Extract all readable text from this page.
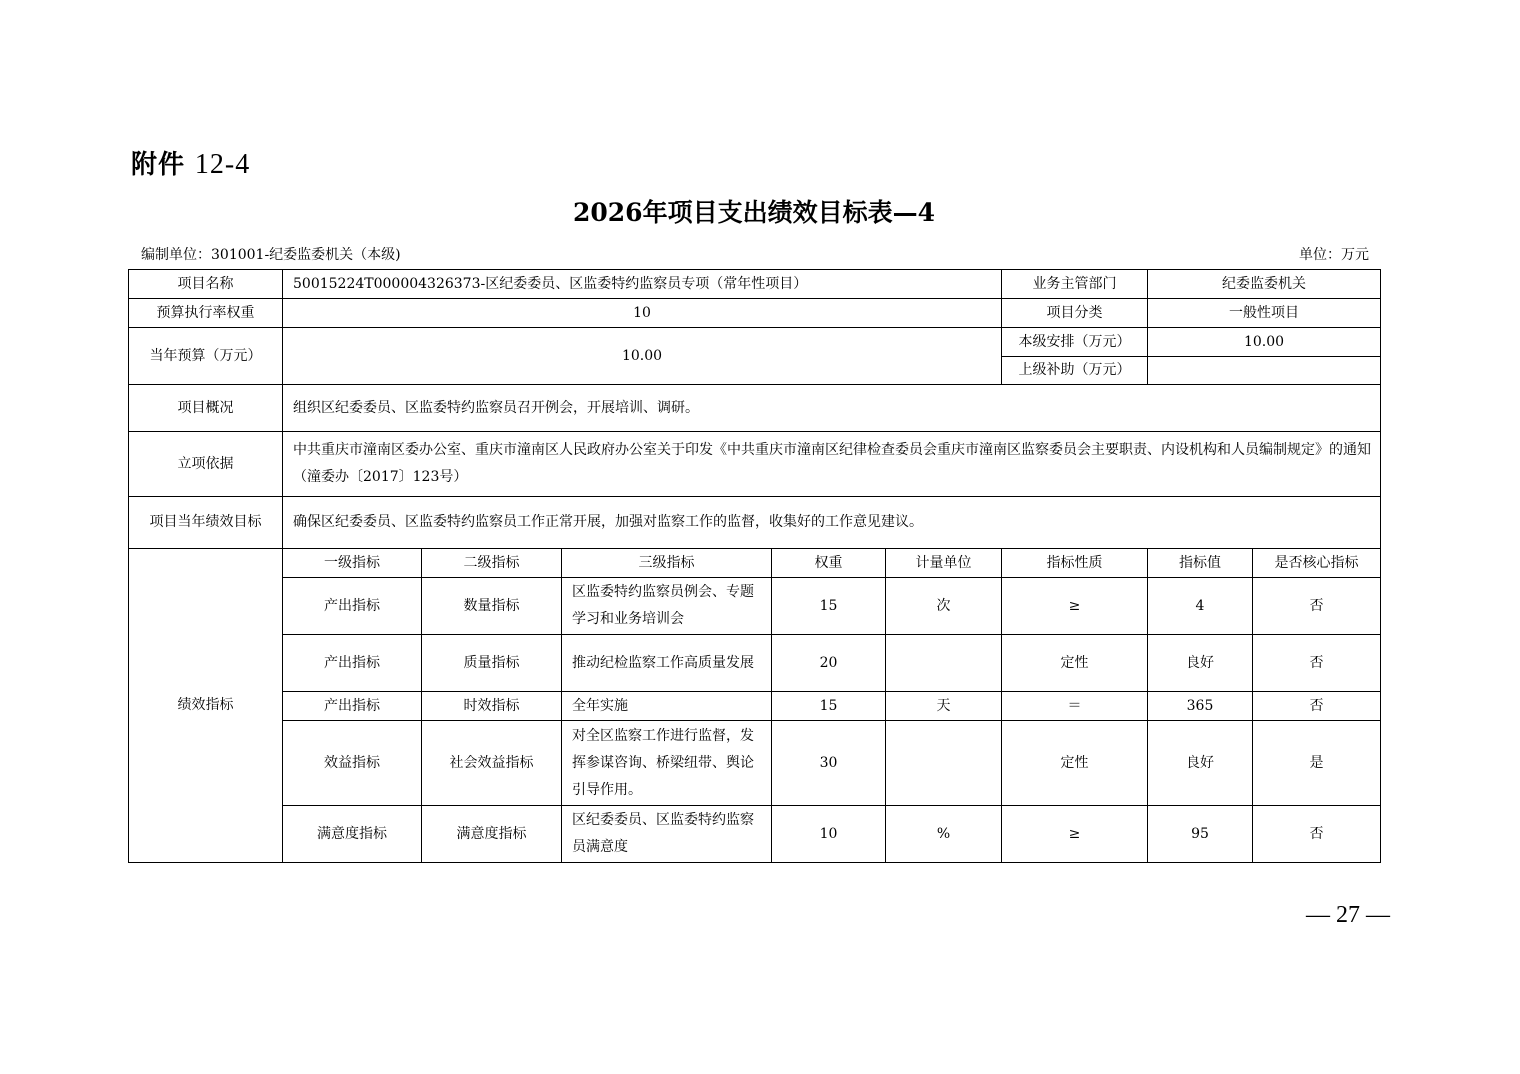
附件 12-4
2026年项目支出绩效目标表—4
编制单位：301001-纪委监委机关（本级)	单位：万元
项目名称	50015224T000004326373-区纪委委员、区监委特约监察员专项（常年性项目）					业务主管部门	纪委监委机关	
预算执行率权重	10					项目分类	一般性项目	
当年预算（万元）	10.00					本级安排（万元）	10.00	
						上级补助（万元）		
项目概况	组织区纪委委员、区监委特约监察员召开例会，开展培训、调研。							
立项依据	中共重庆市潼南区委办公室、重庆市潼南区人民政府办公室关于印发《中共重庆市潼南区纪律检查委员会重庆市潼南区监察委员会主要职责、内设机构和人员编制规定》的通知（潼委办〔2017〕123号）							
项目当年绩效目标	确保区纪委委员、区监委特约监察员工作正常开展，加强对监察工作的监督，收集好的工作意见建议。							
绩效指标	一级指标	二级指标	三级指标	权重	计量单位	指标性质	指标值	是否核心指标
	产出指标	数量指标	区监委特约监察员例会、专题学习和业务培训会	15	次	≥	4	否
	产出指标	质量指标	推动纪检监察工作高质量发展	20		定性	良好	否
	产出指标	时效指标	全年实施	15	天	＝	365	否
	效益指标	社会效益指标	对全区监察工作进行监督，发挥参谋咨询、桥梁纽带、舆论引导作用。	30		定性	良好	是
	满意度指标	满意度指标	区纪委委员、区监委特约监察员满意度	10	%	≥	95	否
— 27 —
